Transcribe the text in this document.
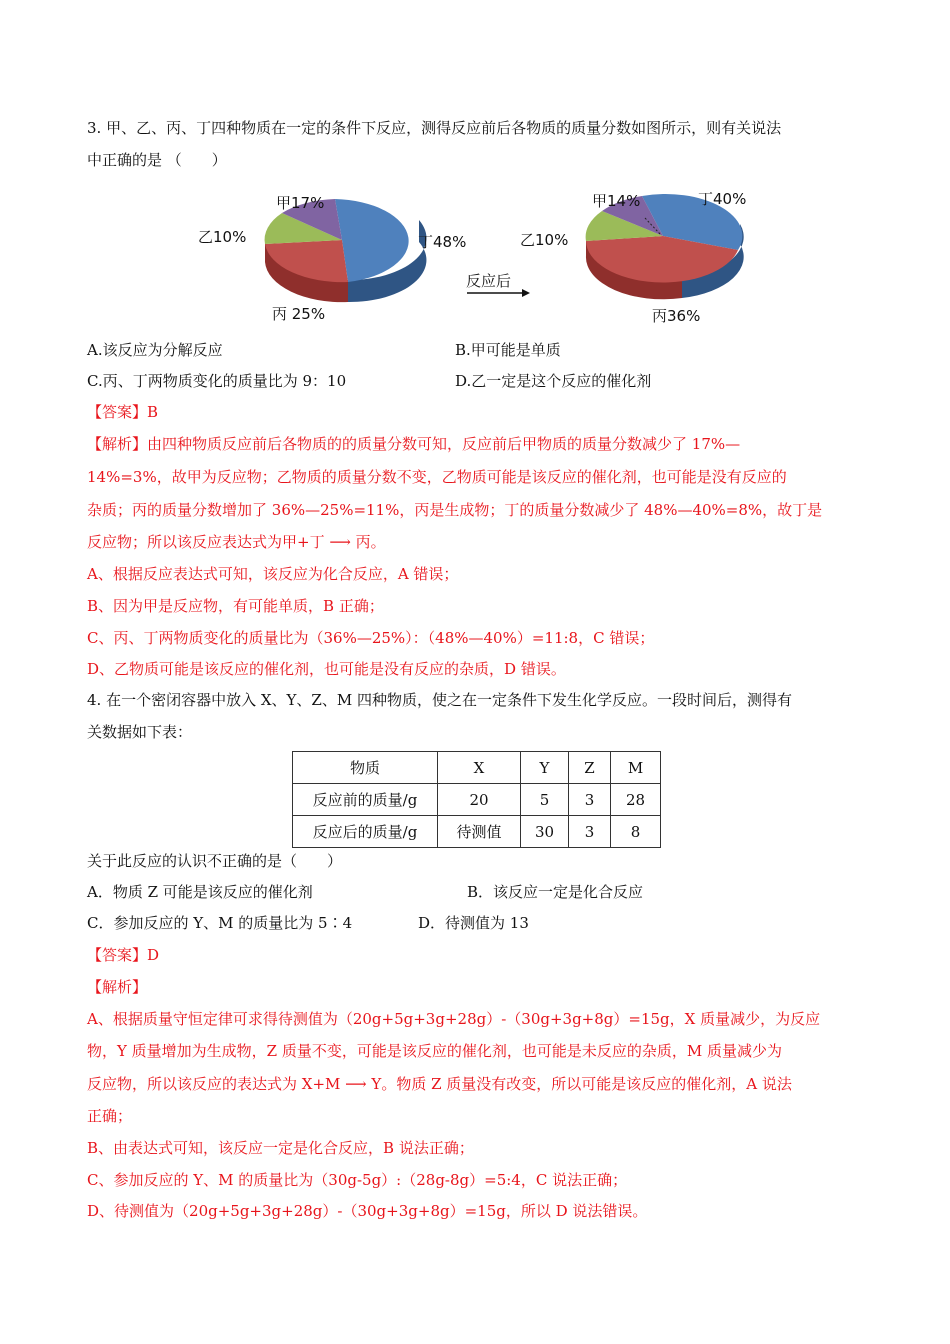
3. 甲、乙、丙、丁四种物质在一定的条件下反应，测得反应前后各物质的质量分数如图所示，则有关说法
中正确的是 （　　）
甲17%
乙10%	丁48%
丙 25%
反应后
甲14%	丁40%
乙10%
丙36%
A.该反应为分解反应	B.甲可能是单质
C.丙、丁两物质变化的质量比为 9：10	D.乙一定是这个反应的催化剂
【答案】B
【解析】由四种物质反应前后各物质的的质量分数可知，反应前后甲物质的质量分数减少了 17%—
14%=3%，故甲为反应物；乙物质的质量分数不变，乙物质可能是该反应的催化剂，也可能是没有反应的
杂质；丙的质量分数增加了 36%—25%=11%，丙是生成物；丁的质量分数减少了 48%—40%=8%，故丁是
反应物；所以该反应表达式为甲+丁 ⟶ 丙。
A、根据反应表达式可知，该反应为化合反应，A 错误；
B、因为甲是反应物，有可能单质，B 正确；
C、丙、丁两物质变化的质量比为（36%—25%）：（48%—40%）=11:8，C 错误；
D、乙物质可能是该反应的催化剂，也可能是没有反应的杂质，D 错误。
4. 在一个密闭容器中放入 X、Y、Z、M 四种物质，使之在一定条件下发生化学反应。一段时间后，测得有
关数据如下表：
物质	X	Y	Z	M
反应前的质量/g	20	5	3	28
反应后的质量/g	待测值	30	3	8
关于此反应的认识不正确的是（　　）
A．物质 Z 可能是该反应的催化剂	B．该反应一定是化合反应
C．参加反应的 Y、M 的质量比为 5∶4	D．待测值为 13
【答案】D
【解析】
A、根据质量守恒定律可求得待测值为（20g+5g+3g+28g）-（30g+3g+8g）=15g，X 质量减少，为反应
物，Y 质量增加为生成物，Z 质量不变，可能是该反应的催化剂，也可能是未反应的杂质，M 质量减少为
反应物，所以该反应的表达式为 X+M ⟶ Y。物质 Z 质量没有改变，所以可能是该反应的催化剂，A 说法
正确；
B、由表达式可知，该反应一定是化合反应，B 说法正确；
C、参加反应的 Y、M 的质量比为（30g-5g）:（28g-8g）=5:4，C 说法正确；
D、待测值为（20g+5g+3g+28g）-（30g+3g+8g）=15g，所以 D 说法错误。
